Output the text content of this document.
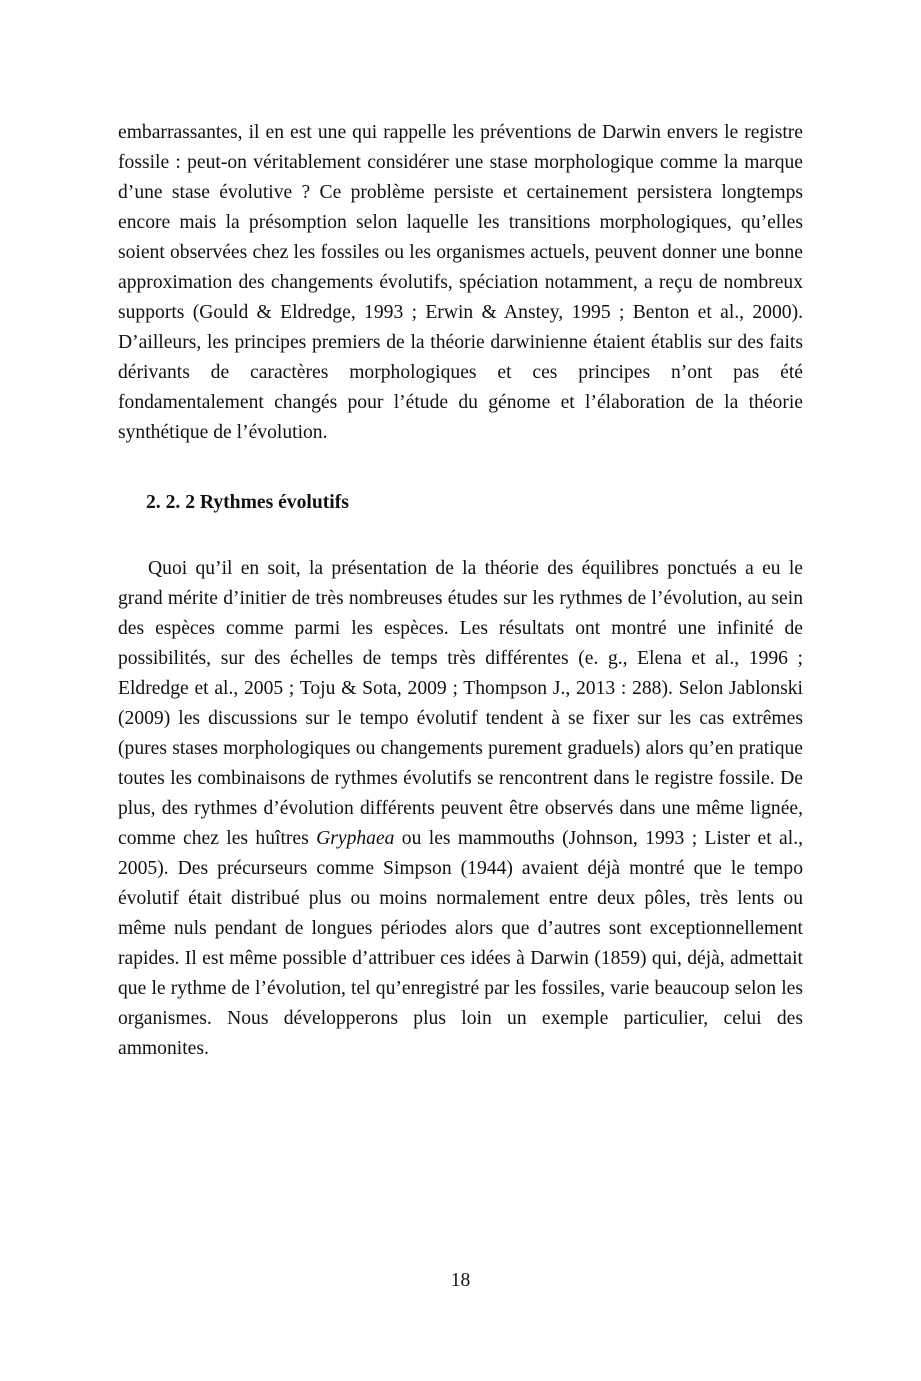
embarrassantes, il en est une qui rappelle les préventions de Darwin envers le registre fossile : peut-on véritablement considérer une stase morphologique comme la marque d’une stase évolutive ? Ce problème persiste et certainement persistera longtemps encore mais la présomption selon laquelle les transitions morphologiques, qu’elles soient observées chez les fossiles ou les organismes actuels, peuvent donner une bonne approximation des changements évolutifs, spéciation notamment, a reçu de nombreux supports (Gould & Eldredge, 1993 ; Erwin & Anstey, 1995 ; Benton et al., 2000). D’ailleurs, les principes premiers de la théorie darwinienne étaient établis sur des faits dérivants de caractères morphologiques et ces principes n’ont pas été fondamentalement changés pour l’étude du génome et l’élaboration de la théorie synthétique de l’évolution.

2. 2. 2 Rythmes évolutifs

Quoi qu’il en soit, la présentation de la théorie des équilibres ponctués a eu le grand mérite d’initier de très nombreuses études sur les rythmes de l’évolution, au sein des espèces comme parmi les espèces. Les résultats ont montré une infinité de possibilités, sur des échelles de temps très différentes (e. g., Elena et al., 1996 ; Eldredge et al., 2005 ; Toju & Sota, 2009 ; Thompson J., 2013 : 288). Selon Jablonski (2009) les discussions sur le tempo évolutif tendent à se fixer sur les cas extrêmes (pures stases morphologiques ou changements purement graduels) alors qu’en pratique toutes les combinaisons de rythmes évolutifs se rencontrent dans le registre fossile. De plus, des rythmes d’évolution différents peuvent être observés dans une même lignée, comme chez les huîtres Gryphaea ou les mammouths (Johnson, 1993 ; Lister et al., 2005). Des précurseurs comme Simpson (1944) avaient déjà montré que le tempo évolutif était distribué plus ou moins normalement entre deux pôles, très lents ou même nuls pendant de longues périodes alors que d’autres sont exceptionnellement rapides. Il est même possible d’attribuer ces idées à Darwin (1859) qui, déjà, admettait que le rythme de l’évolution, tel qu’enregistré par les fossiles, varie beaucoup selon les organismes. Nous développerons plus loin un exemple particulier, celui des ammonites.

18
